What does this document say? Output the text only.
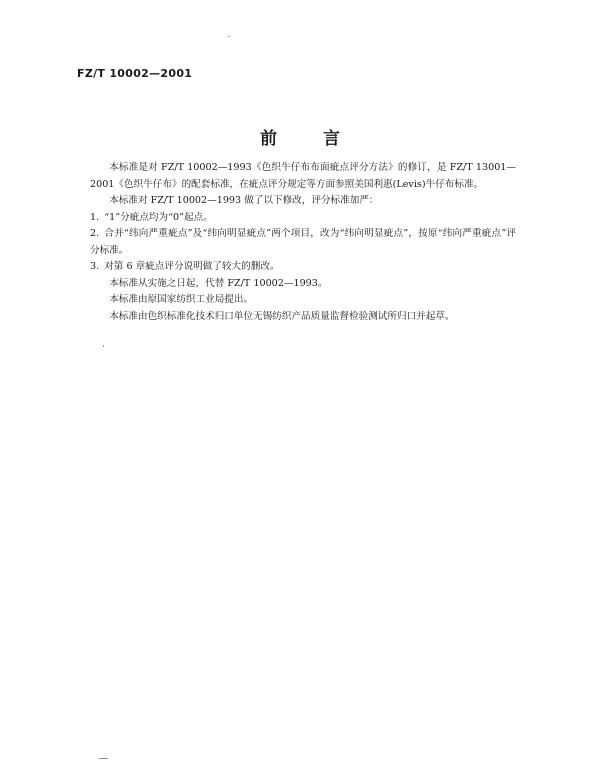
FZ/T 10002—2001
前言

本标准是对 FZ/T 10002—1993《色织牛仔布布面疵点评分方法》的修订，是 FZ/T 13001—2001《色织牛仔布》的配套标准，在疵点评分规定等方面参照美国利惠(Levis)牛仔布标准。

本标准对 FZ/T 10002—1993 做了以下修改，评分标准加严：

1. “1”分疵点均为“0”起点。

2. 合并“纬向严重疵点”及“纬向明显疵点”两个项目，改为“纬向明显疵点”，按原“纬向严重疵点”评分标准。

3. 对第 6 章疵点评分说明做了较大的删改。

本标准从实施之日起，代替 FZ/T 10002—1993。

本标准由原国家纺织工业局提出。

本标准由色织标准化技术归口单位无锡纺织产品质量监督检验测试所归口并起草。
